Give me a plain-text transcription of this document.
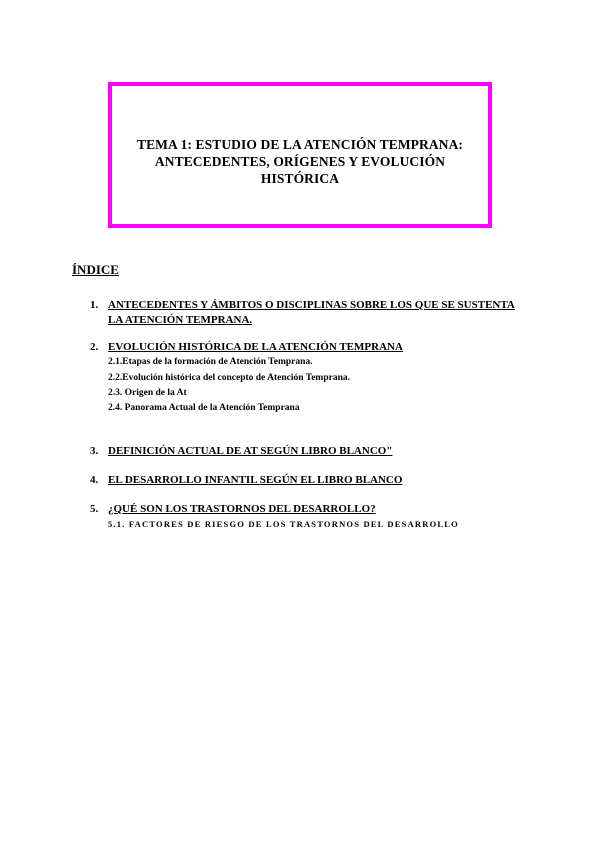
TEMA 1: ESTUDIO DE LA ATENCIÓN TEMPRANA:
ANTECEDENTES, ORÍGENES Y EVOLUCIÓN
HISTÓRICA
ÍNDICE
1. ANTECEDENTES Y ÁMBITOS O DISCIPLINAS SOBRE LOS QUE SE SUSTENTA
LA ATENCIÓN TEMPRANA.
2. EVOLUCIÓN HISTÓRICA DE LA ATENCIÓN TEMPRANA
2.1.Etapas de la formación de Atención Temprana.
2.2.Evolución histórica del concepto de Atención Temprana.
2.3. Origen de la At
2.4. Panorama Actual de la Atención Temprana
3. DEFINICIÓN ACTUAL DE AT SEGÚN LIBRO BLANCO"
4. EL DESARROLLO INFANTIL SEGÚN EL LIBRO BLANCO
5. ¿QUÉ SON LOS TRASTORNOS DEL DESARROLLO?
5.1. FACTORES DE RIESGO DE LOS TRASTORNOS DEL DESARROLLO
